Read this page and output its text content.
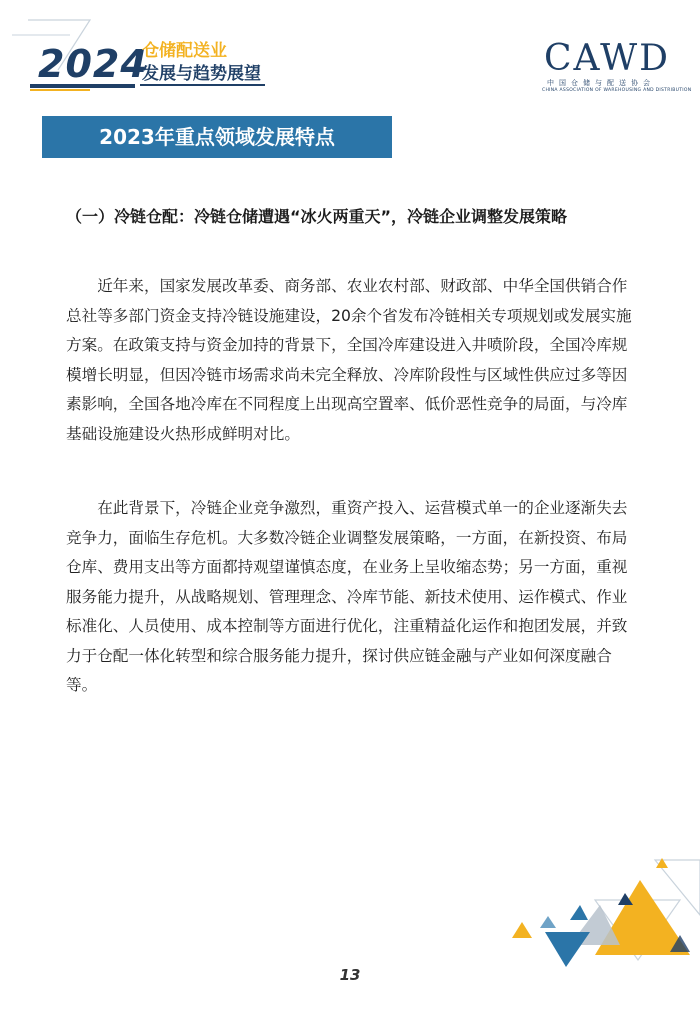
2024
仓储配送业
发展与趋势展望	CAWD
中国仓储与配送协会
CHINA ASSOCIATION OF WAREHOUSING AND DISTRIBUTION
2023年重点领域发展特点
（一）冷链仓配：冷链仓储遭遇“冰火两重天”，冷链企业调整发展策略

近年来，国家发展改革委、商务部、农业农村部、财政部、中华全国供销合作总社等多部门资金支持冷链设施建设，20余个省发布冷链相关专项规划或发展实施方案。在政策支持与资金加持的背景下，全国冷库建设进入井喷阶段，全国冷库规模增长明显，但因冷链市场需求尚未完全释放、冷库阶段性与区域性供应过多等因素影响，全国各地冷库在不同程度上出现高空置率、低价恶性竞争的局面，与冷库基础设施建设火热形成鲜明对比。

在此背景下，冷链企业竞争激烈，重资产投入、运营模式单一的企业逐渐失去竞争力，面临生存危机。大多数冷链企业调整发展策略，一方面，在新投资、布局仓库、费用支出等方面都持观望谨慎态度，在业务上呈收缩态势；另一方面，重视服务能力提升，从战略规划、管理理念、冷库节能、新技术使用、运作模式、作业标准化、人员使用、成本控制等方面进行优化，注重精益化运作和抱团发展，并致力于仓配一体化转型和综合服务能力提升，探讨供应链金融与产业如何深度融合等。

13
